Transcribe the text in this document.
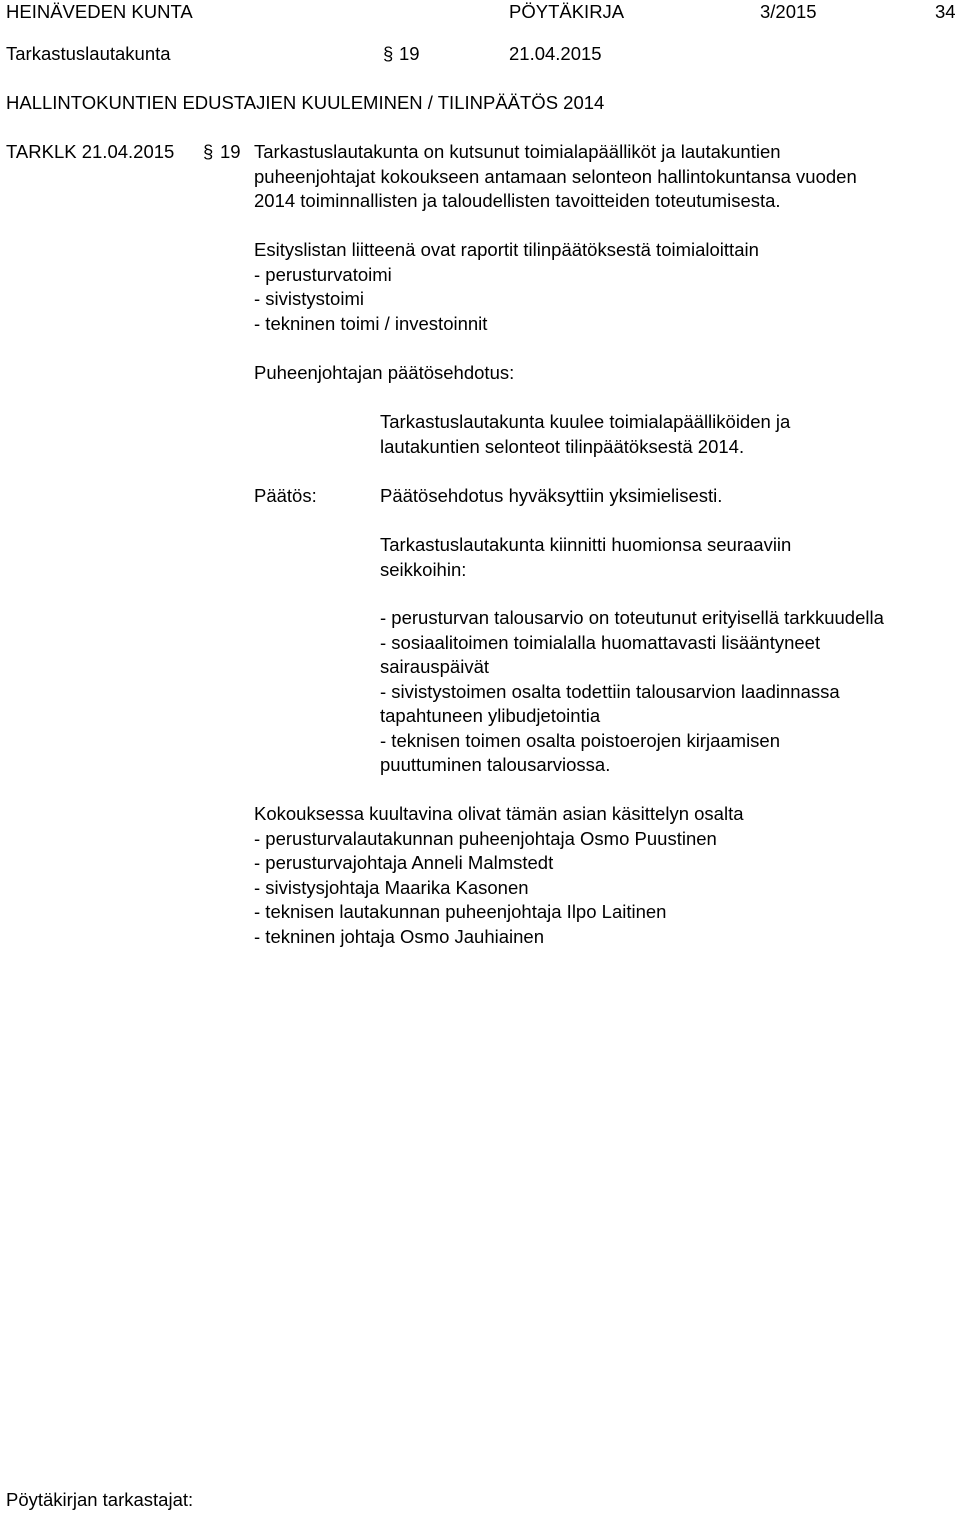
HEINÄVEDEN KUNTA	PÖYTÄKIRJA	3/2015	34
Tarkastuslautakunta	§ 19	21.04.2015
HALLINTOKUNTIEN EDUSTAJIEN KUULEMINEN / TILINPÄÄTÖS 2014
TARKLK 21.04.2015 § 19 Tarkastuslautakunta on kutsunut toimialapäälliköt ja lautakuntien
puheenjohtajat kokoukseen antamaan selonteon hallintokuntansa vuoden
2014 toiminnallisten ja taloudellisten tavoitteiden toteutumisesta.
Esityslistan liitteenä ovat raportit tilinpäätöksestä toimialoittain
- perusturvatoimi
- sivistystoimi
- tekninen toimi / investoinnit
Puheenjohtajan päätösehdotus:
Tarkastuslautakunta kuulee toimialapäälliköiden ja
lautakuntien selonteot tilinpäätöksestä 2014.
Päätös:	Päätösehdotus hyväksyttiin yksimielisesti.
Tarkastuslautakunta kiinnitti huomionsa seuraaviin
seikkoihin:
- perusturvan talousarvio on toteutunut erityisellä tarkkuudella
- sosiaalitoimen toimialalla huomattavasti lisääntyneet
sairauspäivät
- sivistystoimen osalta todettiin talousarvion laadinnassa
tapahtuneen ylibudjetointia
- teknisen toimen osalta poistoerojen kirjaamisen
puuttuminen talousarviossa.
Kokouksessa kuultavina olivat tämän asian käsittelyn osalta
- perusturvalautakunnan puheenjohtaja Osmo Puustinen
- perusturvajohtaja Anneli Malmstedt
- sivistysjohtaja Maarika Kasonen
- teknisen lautakunnan puheenjohtaja Ilpo Laitinen
- tekninen johtaja Osmo Jauhiainen
Pöytäkirjan tarkastajat:
